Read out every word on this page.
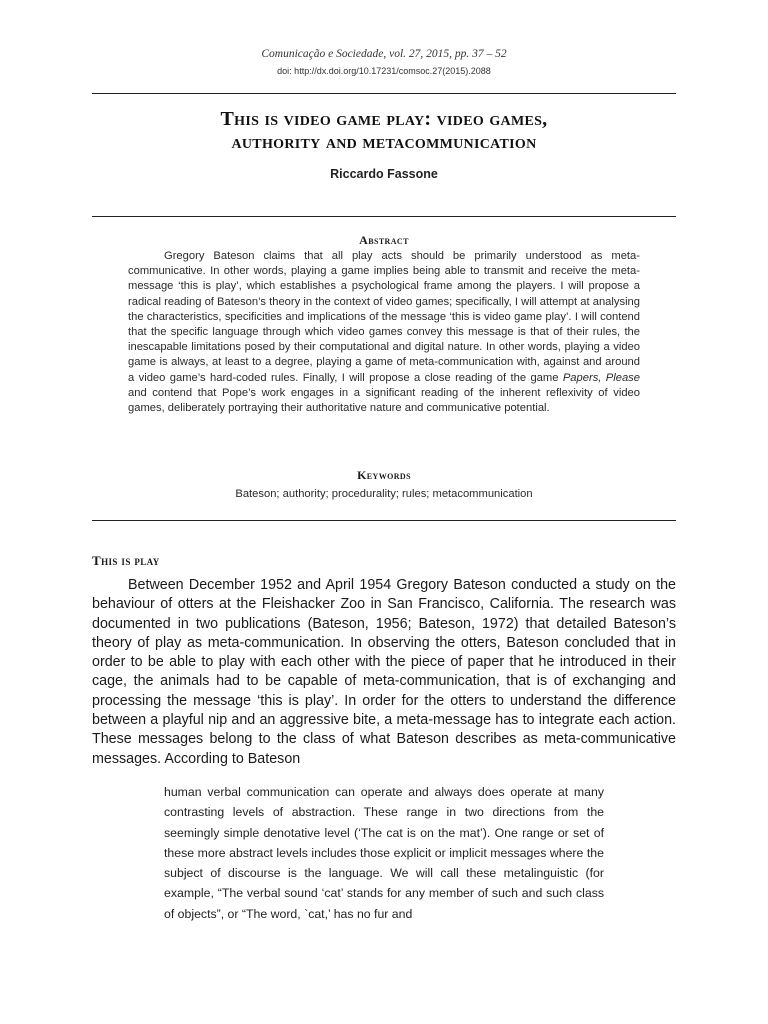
Comunicação e Sociedade, vol. 27, 2015, pp. 37 – 52
doi: http://dx.doi.org/10.17231/comsoc.27(2015).2088
This is video game play: video games,
authority and metacommunication
Riccardo Fassone
Abstract
Gregory Bateson claims that all play acts should be primarily understood as meta-communicative. In other words, playing a game implies being able to transmit and receive the meta-message ‘this is play’, which establishes a psychological frame among the players. I will propose a radical reading of Bateson’s theory in the context of video games; specifically, I will attempt at analysing the characteristics, specificities and implications of the message ‘this is video game play’. I will contend that the specific language through which video games convey this message is that of their rules, the inescapable limitations posed by their computational and digital nature. In other words, playing a video game is always, at least to a degree, playing a game of meta-communication with, against and around a video game’s hard-coded rules. Finally, I will propose a close reading of the game Papers, Please and contend that Pope’s work engages in a significant reading of the inherent reflexivity of video games, deliberately portraying their authoritative nature and communicative potential.
Keywords
Bateson; authority; procedurality; rules; metacommunication
This is play
Between December 1952 and April 1954 Gregory Bateson conducted a study on the behaviour of otters at the Fleishacker Zoo in San Francisco, California. The research was documented in two publications (Bateson, 1956; Bateson, 1972) that detailed Bateson’s theory of play as meta-communication. In observing the otters, Bateson concluded that in order to be able to play with each other with the piece of paper that he introduced in their cage, the animals had to be capable of meta-communication, that is of exchanging and processing the message ‘this is play’. In order for the otters to understand the difference between a playful nip and an aggressive bite, a meta-message has to integrate each action. These messages belong to the class of what Bateson describes as meta-communicative messages. According to Bateson
human verbal communication can operate and always does operate at many contrasting levels of abstraction. These range in two directions from the seemingly simple denotative level (‘The cat is on the mat’). One range or set of these more abstract levels includes those explicit or implicit messages where the subject of discourse is the language. We will call these metalinguistic (for example, “The verbal sound ‘cat’ stands for any member of such and such class of objects”, or “The word, `cat,’ has no fur and
